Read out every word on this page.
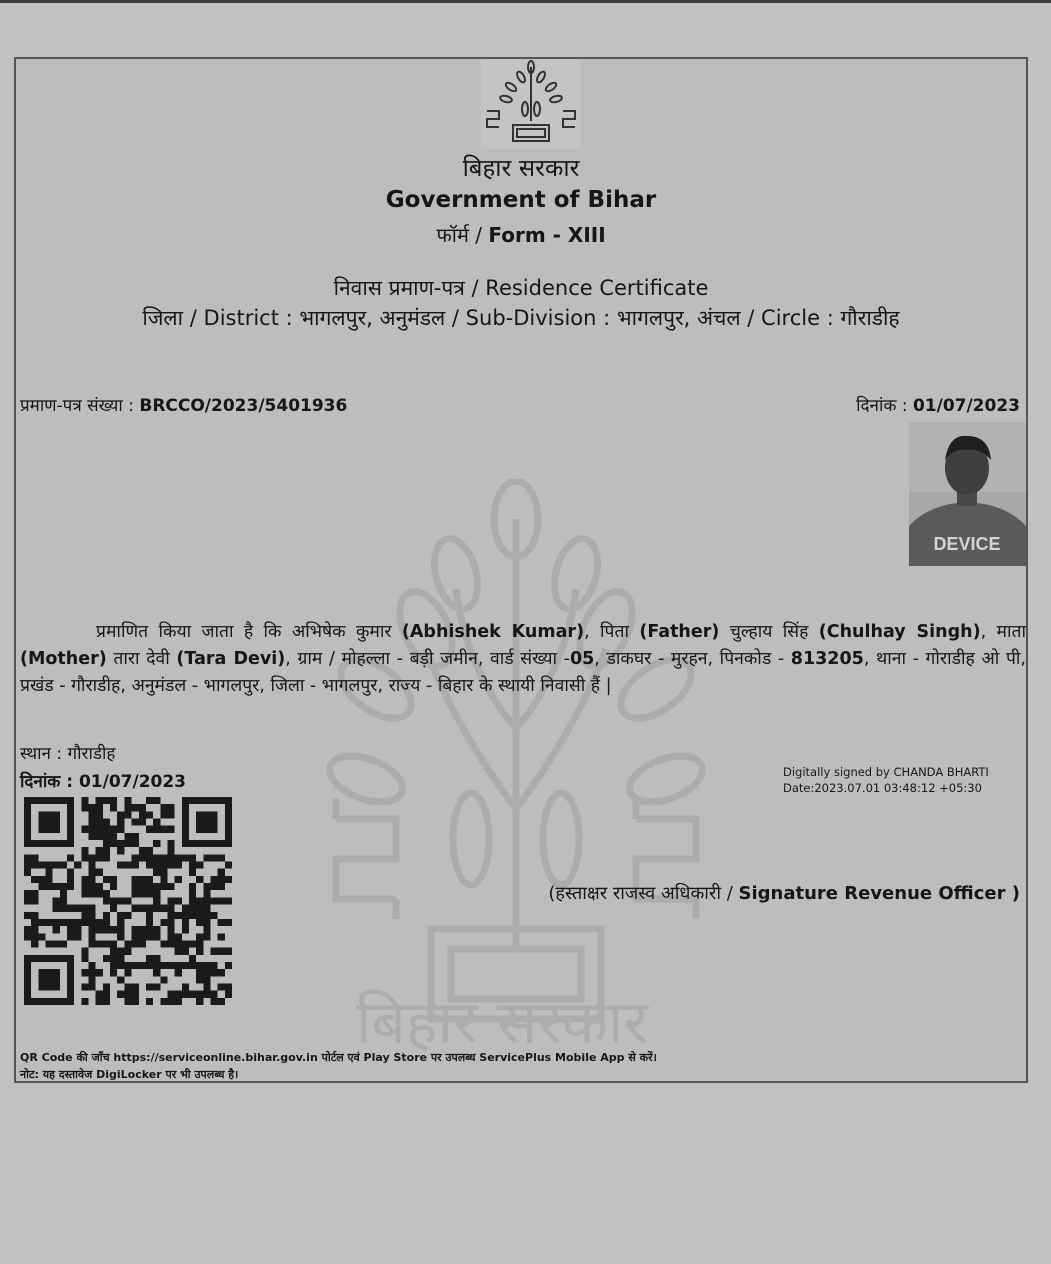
बिहार सरकार
बिहार सरकार
Government of Bihar
फॉर्म / Form - XIII
निवास प्रमाण-पत्र / Residence Certificate
जिला / District : भागलपुर, अनुमंडल / Sub-Division : भागलपुर, अंचल / Circle : गौराडीह
प्रमाण-पत्र संख्या : BRCCO/2023/5401936	दिनांक : 01/07/2023
DEVICE
प्रमाणित किया जाता है कि अभिषेक कुमार (Abhishek Kumar), पिता (Father) चुल्हाय सिंह (Chulhay Singh), माता (Mother) तारा देवी (Tara Devi), ग्राम / मोहल्ला - बड़ी जमीन, वार्ड संख्या -05, डाकघर - मुरहन, पिनकोड - 813205, थाना - गोराडीह ओ पी, प्रखंड - गौराडीह, अनुमंडल - भागलपुर, जिला - भागलपुर, राज्य - बिहार के स्थायी निवासी हैं |
स्थान : गौराडीह
दिनांक : 01/07/2023	Digitally signed by CHANDA BHARTI
Date:2023.07.01 03:48:12 +05:30
(हस्ताक्षर राजस्व अधिकारी / Signature Revenue Officer )
QR Code की जाँच https://serviceonline.bihar.gov.in पोर्टल एवं Play Store पर उपलब्ध ServicePlus Mobile App से करें।
नोट: यह दस्तावेज DigiLocker पर भी उपलब्ध है।
